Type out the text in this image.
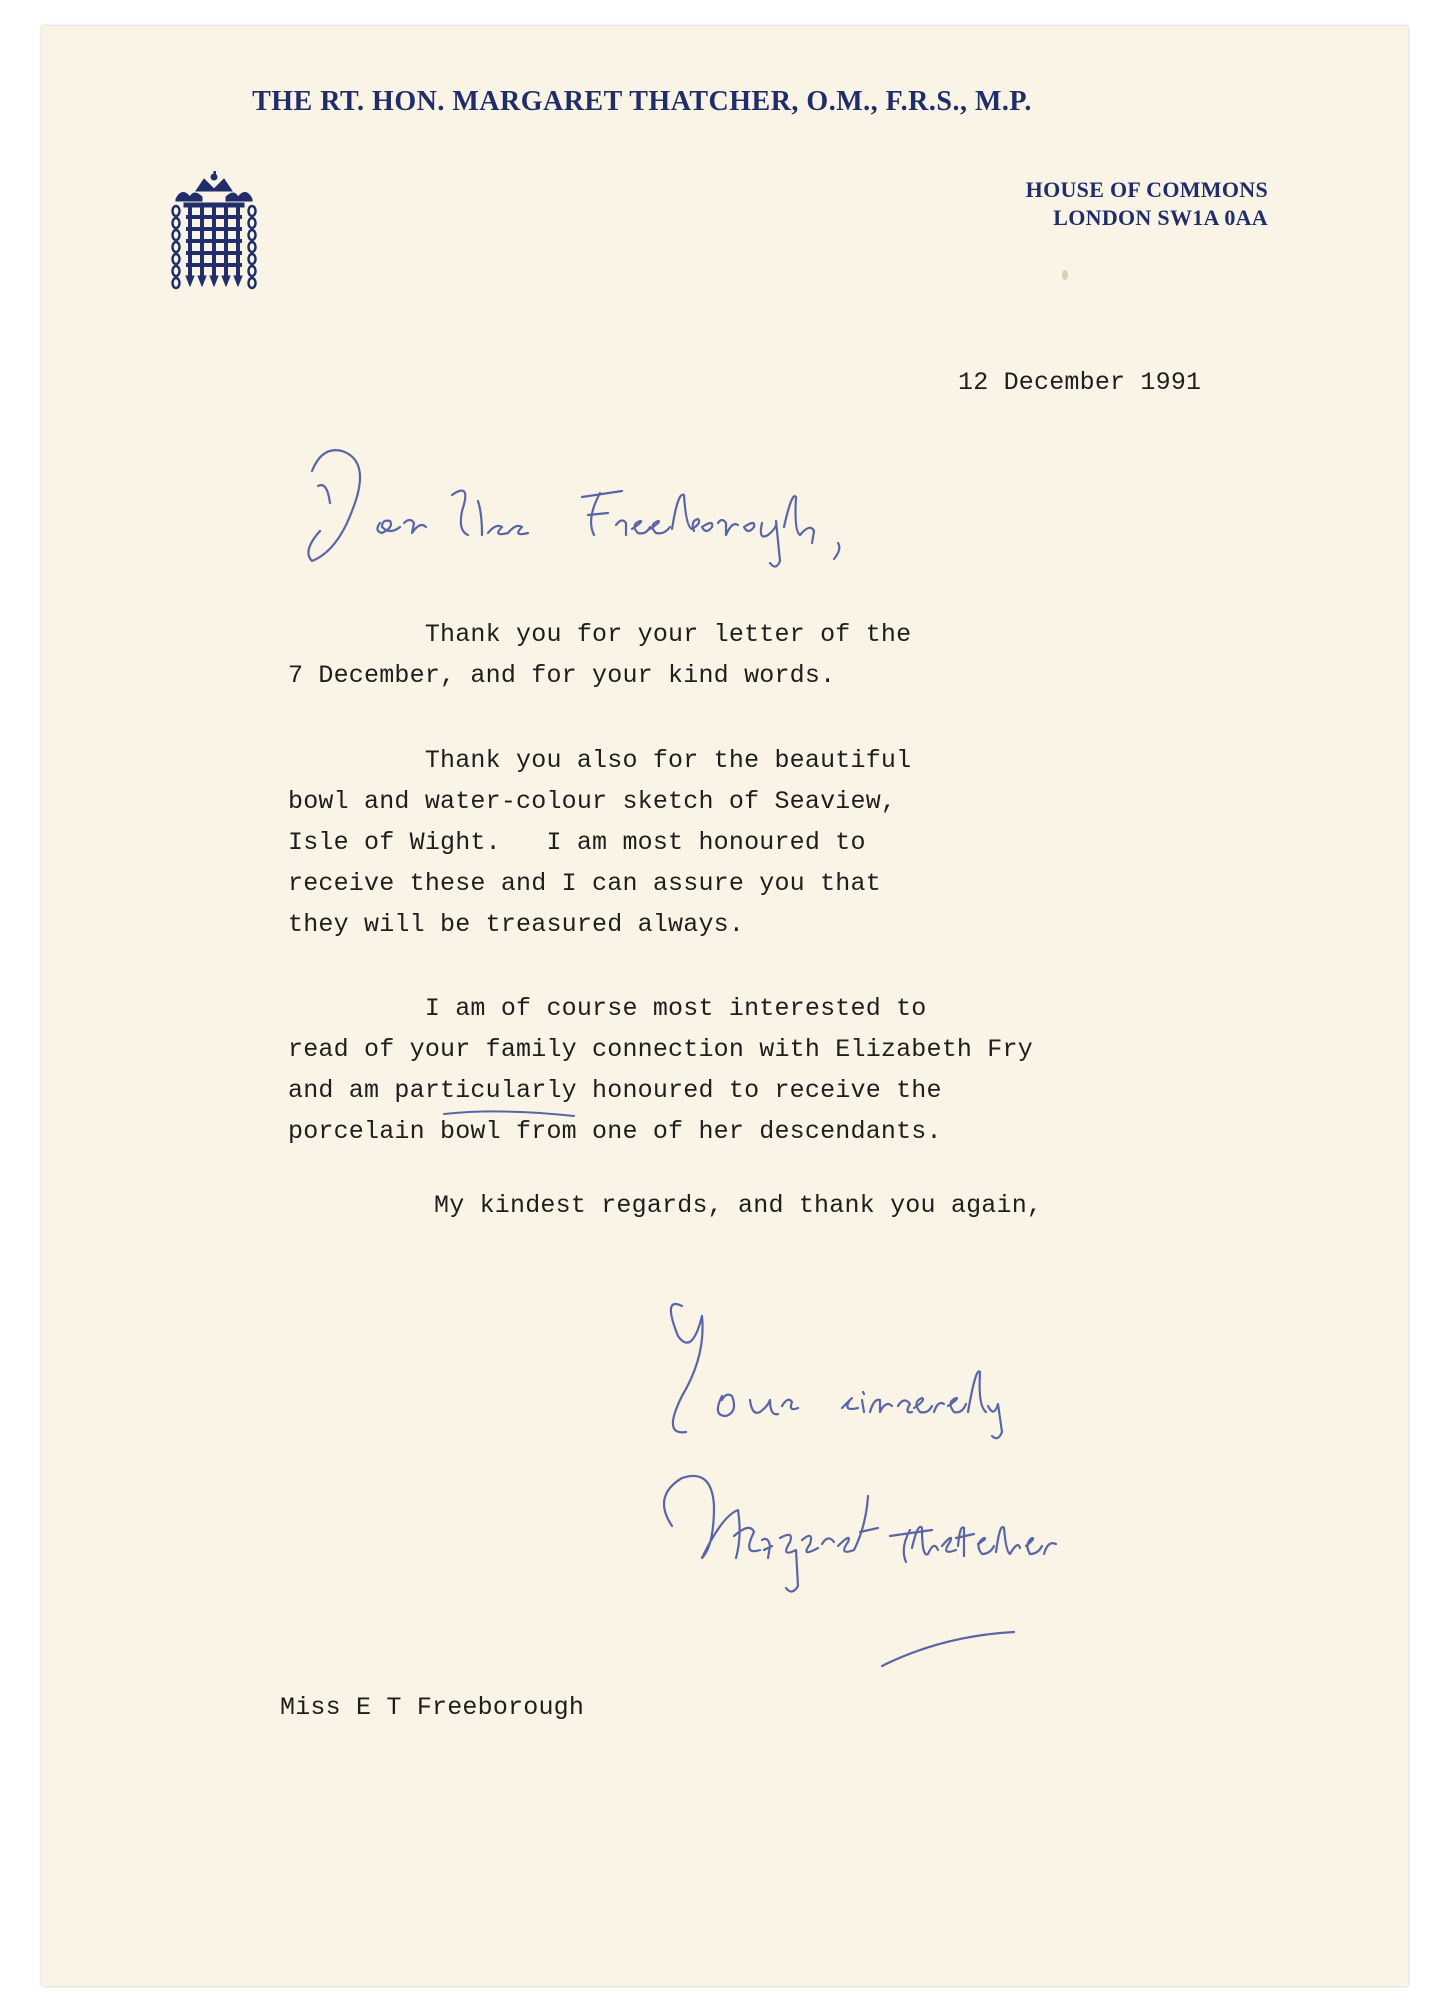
THE RT. HON. MARGARET THATCHER, O.M., F.R.S., M.P.
HOUSE OF COMMONS
LONDON SW1A 0AA
12 December 1991
Thank you for your letter of the
7 December, and for your kind words.
Thank you also for the beautiful
bowl and water-colour sketch of Seaview,
Isle of Wight.   I am most honoured to
receive these and I can assure you that
they will be treasured always.
I am of course most interested to
read of your family connection with Elizabeth Fry
and am particularly honoured to receive the
porcelain bowl from one of her descendants.
My kindest regards, and thank you again,
Miss E T Freeborough
